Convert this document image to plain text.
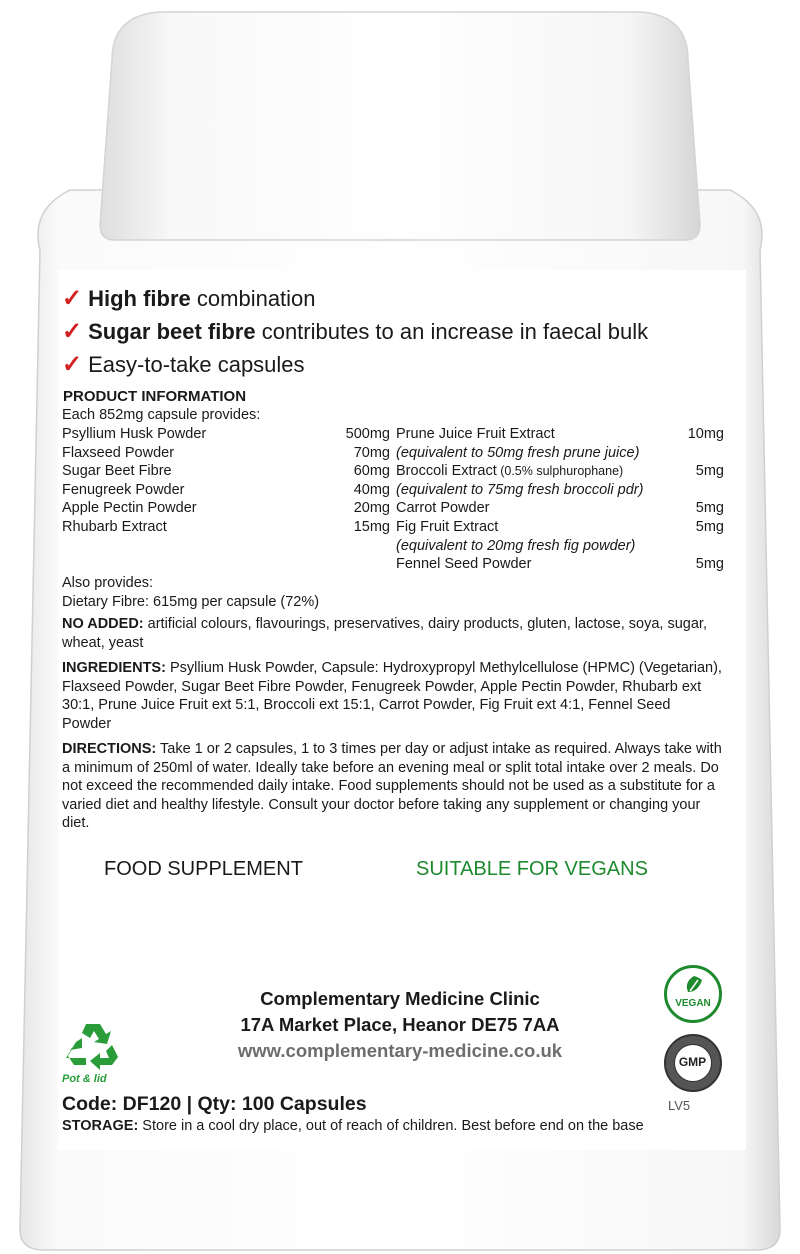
✓ High fibre combination
✓ Sugar beet fibre contributes to an increase in faecal bulk
✓ Easy-to-take capsules
PRODUCT INFORMATION
Each 852mg capsule provides:
Psyllium Husk Powder	500mg
Flaxseed Powder	70mg
Sugar Beet Fibre	60mg
Fenugreek Powder	40mg
Apple Pectin Powder	20mg
Rhubarb Extract	15mg
Prune Juice Fruit Extract	10mg
(equivalent to 50mg fresh prune juice)
Broccoli Extract (0.5% sulphurophane)	5mg
(equivalent to 75mg fresh broccoli pdr)
Carrot Powder	5mg
Fig Fruit Extract	5mg
(equivalent to 20mg fresh fig powder)
Fennel Seed Powder	5mg
Also provides:
Dietary Fibre: 615mg per capsule (72%)
NO ADDED: artificial colours, flavourings, preservatives, dairy products, gluten, lactose, soya, sugar, wheat, yeast
INGREDIENTS: Psyllium Husk Powder, Capsule: Hydroxypropyl Methylcellulose (HPMC) (Vegetarian), Flaxseed Powder, Sugar Beet Fibre Powder, Fenugreek Powder, Apple Pectin Powder, Rhubarb ext 30:1, Prune Juice Fruit ext 5:1, Broccoli ext 15:1, Carrot Powder, Fig Fruit ext 4:1, Fennel Seed Powder
DIRECTIONS: Take 1 or 2 capsules, 1 to 3 times per day or adjust intake as required. Always take with a minimum of 250ml of water. Ideally take before an evening meal or split total intake over 2 meals. Do not exceed the recommended daily intake. Food supplements should not be used as a substitute for a varied diet and healthy lifestyle. Consult your doctor before taking any supplement or changing your diet.
FOOD SUPPLEMENT	SUITABLE FOR VEGANS
Complementary Medicine Clinic
17A Market Place, Heanor DE75 7AA
www.complementary-medicine.co.uk
Pot & lid
VEGAN
GMP
Code: DF120 | Qty: 100 Capsules	LV5
STORAGE: Store in a cool dry place, out of reach of children. Best before end on the base
